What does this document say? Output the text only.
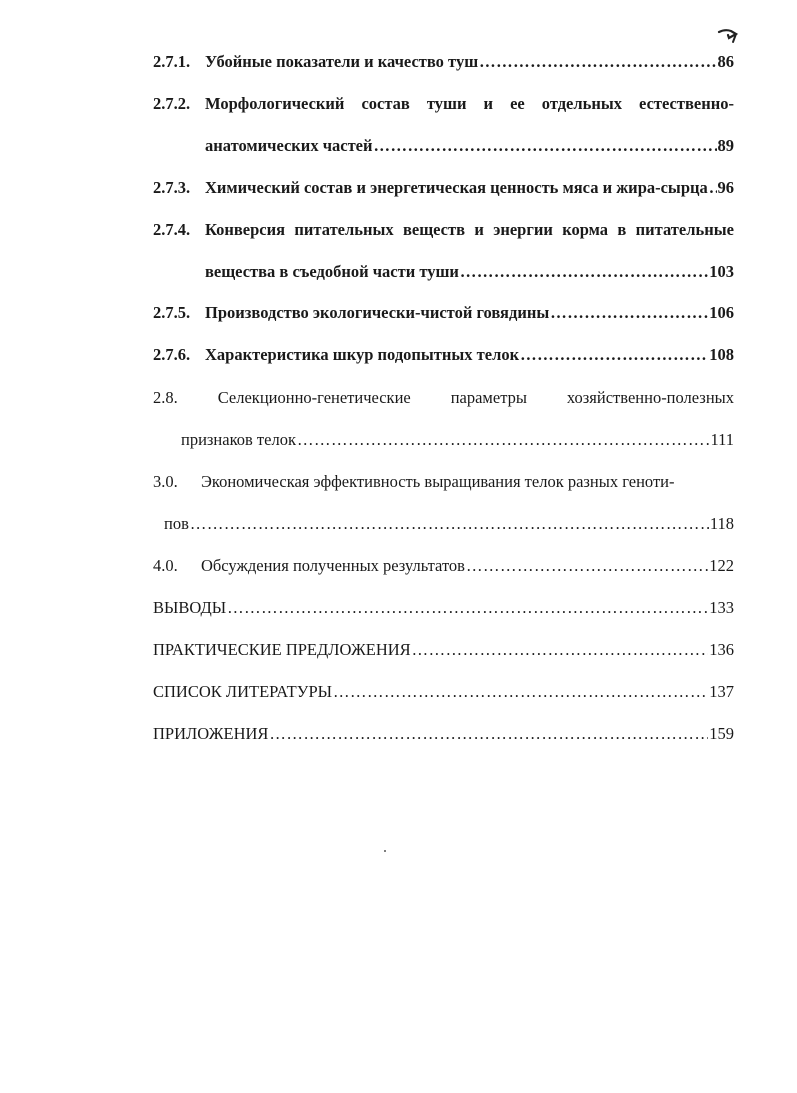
2.7.1. Убойные показатели и качество туш ………………………………………………………………………………………………………………………………………………………………	86
2.7.2. Морфологический состав туши и ее отдельных естественно-
анатомических частей ………………………………………………………………………………………………………………………………………………………………	89
2.7.3. Химический состав и энергетическая ценность мяса и жира-сырца ……………………………………………………………………………………………………………………………………………………………… 96
2.7.4. Конверсия питательных веществ и энергии корма в питательные
вещества в съедобной части туши ………………………………………………………………………………………………………………………………………………………………	103
2.7.5. Производство экологически-чистой говядины ………………………………………………………………………………………………………………………………………………………………	106
2.7.6. Характеристика шкур подопытных телок ………………………………………………………………………………………………………………………………………………………………	108
2.8. Селекционно-генетические параметры хозяйственно-полезных
признаков телок ………………………………………………………………………………………………………………………………………………………………	111
3.0.	Экономическая эффективность выращивания телок разных геноти-
пов ………………………………………………………………………………………………………………………………………………………………	118
4.0.	Обсуждения полученных результатов ………………………………………………………………………………………………………………………………………………………………	122
ВЫВОДЫ ………………………………………………………………………………………………………………………………………………………………	133
ПРАКТИЧЕСКИЕ ПРЕДЛОЖЕНИЯ ………………………………………………………………………………………………………………………………………………………………	136
СПИСОК ЛИТЕРАТУРЫ ………………………………………………………………………………………………………………………………………………………………	137
ПРИЛОЖЕНИЯ ………………………………………………………………………………………………………………………………………………………………	159
